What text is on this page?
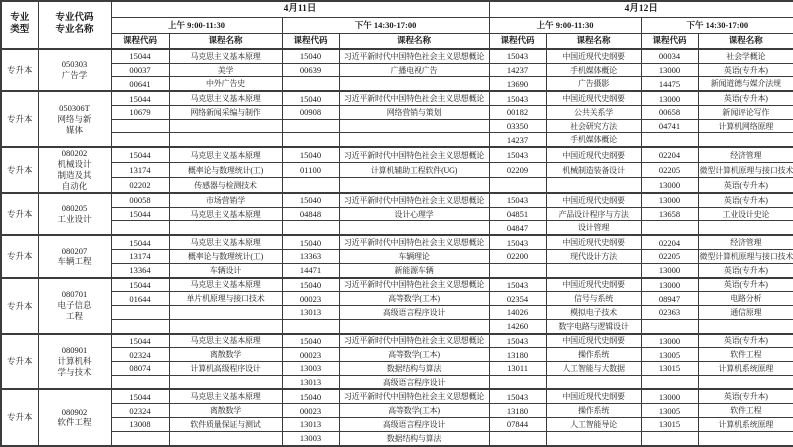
专业类型	专业代码
专业名称	4月11日				4月12日			
		上午 9:00-11:30		下午 14:30-17:00		上午 9:00-11:30		下午 14:30-17:00	
		课程代码	课程名称	课程代码	课程名称	课程代码	课程名称	课程代码	课程名称
专升本	050303
广告学	15044	马克思主义基本原理	15040	习近平新时代中国特色社会主义思想概论	15043	中国近现代史纲要	00034	社会学概论
		00037	美学	00639	广播电视广告	14237	手机媒体概论	13000	英语(专升本)
		00641	中外广告史			13690	广告摄影	14475	新闻道德与媒介法规
专升本	050306T
网络与新媒体	15044	马克思主义基本原理	15040	习近平新时代中国特色社会主义思想概论	15043	中国近现代史纲要	13000	英语(专升本)
		10679	网络新闻采编与制作	00908	网络营销与策划	00182	公共关系学	00658	新闻评论写作
						03350	社会研究方法	04741	计算机网络原理
						14237	手机媒体概论		
专升本	080202
机械设计制造及其自动化	15044	马克思主义基本原理	15040	习近平新时代中国特色社会主义思想概论	15043	中国近现代史纲要	02204	经济管理
		13174	概率论与数理统计(工)	01100	计算机辅助工程软件(UG)	02209	机械制造装备设计	02205	微型计算机原理与接口技术
		02202	传感器与检测技术					13000	英语(专升本)
专升本	080205
工业设计	00058	市场营销学	15040	习近平新时代中国特色社会主义思想概论	15043	中国近现代史纲要	13000	英语(专升本)
		15044	马克思主义基本原理	04848	设计心理学	04851	产品设计程序与方法	13658	工业设计史论
						04847	设计管理		
专升本	080207
车辆工程	15044	马克思主义基本原理	15040	习近平新时代中国特色社会主义思想概论	15043	中国近现代史纲要	02204	经济管理
		13174	概率论与数理统计(工)	13363	车辆理论	02200	现代设计方法	02205	微型计算机原理与接口技术
		13364	车辆设计	14471	新能源车辆			13000	英语(专升本)
专升本	080701
电子信息工程	15044	马克思主义基本原理	15040	习近平新时代中国特色社会主义思想概论	15043	中国近现代史纲要	13000	英语(专升本)
		01644	单片机原理与接口技术	00023	高等数学(工本)	02354	信号与系统	08947	电路分析
				13013	高级语言程序设计	14026	模拟电子技术	02363	通信原理
						14260	数字电路与逻辑设计		
专升本	080901
计算机科学与技术	15044	马克思主义基本原理	15040	习近平新时代中国特色社会主义思想概论	15043	中国近现代史纲要	13000	英语(专升本)
		02324	离散数学	00023	高等数学(工本)	13180	操作系统	13005	软件工程
		08074	计算机高级程序设计	13003	数据结构与算法	13011	人工智能与大数据	13015	计算机系统原理
				13013	高级语言程序设计				
专升本	080902
软件工程	15044	马克思主义基本原理	15040	习近平新时代中国特色社会主义思想概论	15043	中国近现代史纲要	13000	英语(专升本)
		02324	离散数学	00023	高等数学(工本)	13180	操作系统	13005	软件工程
		13008	软件质量保证与测试	13013	高级语言程序设计	07844	人工智能导论	13015	计算机系统原理
				13003	数据结构与算法				
